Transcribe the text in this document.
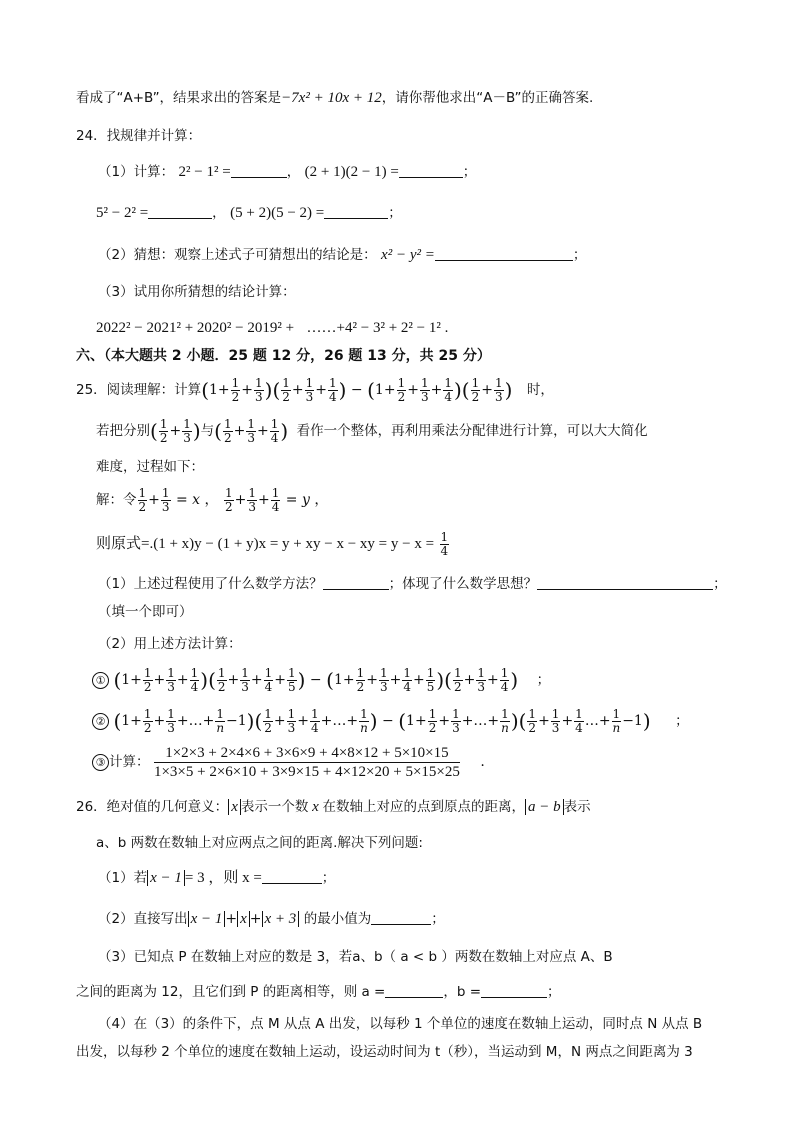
看成了“A+B”，结果求出的答案是−7x² + 10x + 12，请你帮他求出“A－B”的正确答案.
24．找规律并计算：
（1）计算： 2² − 1² =	， (2 + 1)(2 − 1) =	；
5² − 2² =	， (5 + 2)(5 − 2) =	；
（2）猜想：观察上述式子可猜想出的结论是： x² − y² =	；
（3）试用你所猜想的结论计算：
2022² − 2021² + 2020² − 2019² + ……+4² − 3² + 2² − 1² .
六、（本大题共 2 小题．25 题 12 分，26 题 13 分，共 25 分）
25．阅读理解：计算($1+ \frac{1}{2} + \frac{1}{3}$ )( $\frac{1}{2} + \frac{1}{3} + \frac{1}{4}$ ) − ($1+ \frac{1}{2} + \frac{1}{3} + \frac{1}{4}$ )( $\frac{1}{2} + \frac{1}{3}$ ) 时，
若把分别( $\frac{1}{2} + \frac{1}{3}$ )与( $\frac{1}{2} + \frac{1}{3} + \frac{1}{4}$ ) 看作一个整体，再利用乘法分配律进行计算，可以大大简化
难度，过程如下：
解：令 $\frac{1}{2} + \frac{1}{3} = x$ ， $\frac{1}{2} + \frac{1}{3} + \frac{1}{4} = y$ ，
则原式=.(1 + x)y − (1 + y)x = y + xy − x − xy = $y - x = \frac{1}{4}$
（1）上述过程使用了什么数学方法？	；体现了什么数学思想？	；
（填一个即可）
（2）用上述方法计算：
① ($1+ \frac{1}{2} + \frac{1}{3} + \frac{1}{4}$ )( $\frac{1}{2} + \frac{1}{3} + \frac{1}{4} + \frac{1}{5}$ ) − ($1+ \frac{1}{2} + \frac{1}{3} + \frac{1}{4} + \frac{1}{5}$ )( $\frac{1}{2} + \frac{1}{3} + \frac{1}{4}$ ) ；
② ($1+ \frac{1}{2} + \frac{1}{3}$ +…+ $\frac{1}{n} -1)( \frac{1}{2} + \frac{1}{3} + \frac{1}{4}$ +…+ $\frac{1}{n}$ ) − ($1+ \frac{1}{2} + \frac{1}{3}$ +…+ $\frac{1}{n}$ )( $\frac{1}{2} + \frac{1}{3} + \frac{1}{4}$ …+ $\frac{1}{n} -1$) ；
③ 计算： $\frac{1\times 2\times 3 + 2\times 4\times 6 + 3\times 6\times 9 + 4\times 8\times 12 + 5\times 10\times 15}{1\times 3\times 5 + 2\times 6\times 10 + 3\times 9\times 15 + 4\times 12\times 20 + 5\times 15\times 25}$ .
26．绝对值的几何意义： x 表示一个数 x 在数轴上对应的点到原点的距离， a − b 表示
a、b 两数在数轴上对应两点之间的距离.解决下列问题:
（1）若 x − 1 = 3 ，则 x =	；
（2）直接写出 x − 1 + x + x + 3 的最小值为	；
（3）已知点 P 在数轴上对应的数是 3，若a、b（ a < b ）两数在数轴上对应点 A、B
之间的距离为 12，且它们到 P 的距离相等，则 a =	，b =	；
（4）在（3）的条件下，点 M 从点 A 出发，以每秒 1 个单位的速度在数轴上运动，同时点 N 从点 B
出发，以每秒 2 个单位的速度在数轴上运动，设运动时间为 t（秒），当运动到 M，N 两点之间距离为 3
